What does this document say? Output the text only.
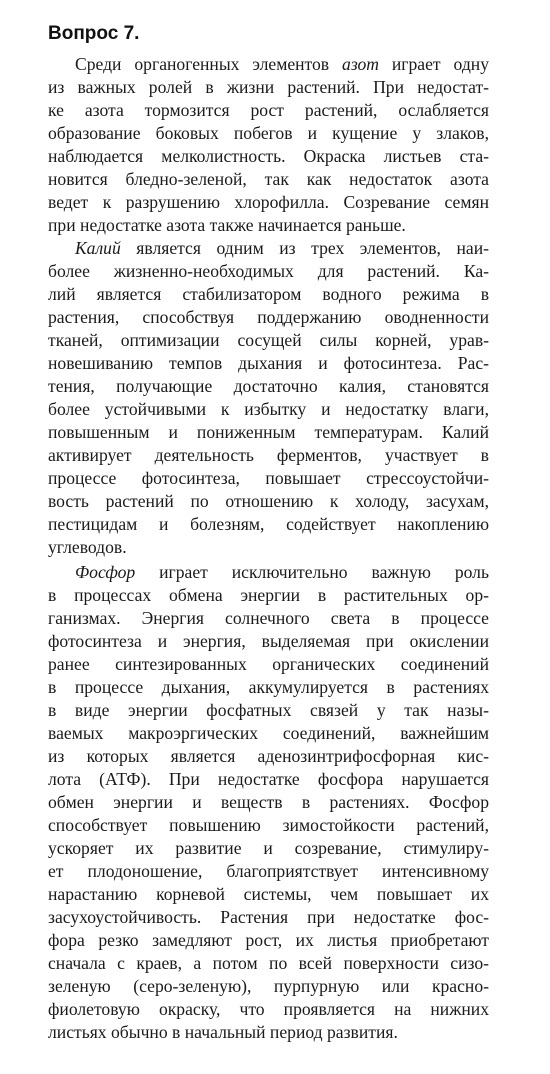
Вопрос 7.
Среди органогенных элементов азот играет одну
из важных ролей в жизни растений. При недостат-
ке азота тормозится рост растений, ослабляется
образование боковых побегов и кущение у злаков,
наблюдается мелколистность. Окраска листьев ста-
новится бледно-зеленой, так как недостаток азота
ведет к разрушению хлорофилла. Созревание семян
при недостатке азота также начинается раньше.
Калий является одним из трех элементов, наи-
более жизненно-необходимых для растений. Ка-
лий является стабилизатором водного режима в
растения, способствуя поддержанию оводненности
тканей, оптимизации сосущей силы корней, урав-
новешиванию темпов дыхания и фотосинтеза. Рас-
тения, получающие достаточно калия, становятся
более устойчивыми к избытку и недостатку влаги,
повышенным и пониженным температурам. Калий
активирует деятельность ферментов, участвует в
процессе фотосинтеза, повышает стрессоустойчи-
вость растений по отношению к холоду, засухам,
пестицидам и болезням, содействует накоплению
углеводов.
Фосфор играет исключительно важную роль
в процессах обмена энергии в растительных ор-
ганизмах. Энергия солнечного света в процессе
фотосинтеза и энергия, выделяемая при окислении
ранее синтезированных органических соединений
в процессе дыхания, аккумулируется в растениях
в виде энергии фосфатных связей у так назы-
ваемых макроэргических соединений, важнейшим
из которых является аденозинтрифосфорная кис-
лота (АТФ). При недостатке фосфора нарушается
обмен энергии и веществ в растениях. Фосфор
способствует повышению зимостойкости растений,
ускоряет их развитие и созревание, стимулиру-
ет плодоношение, благоприятствует интенсивному
нарастанию корневой системы, чем повышает их
засухоустойчивость. Растения при недостатке фос-
фора резко замедляют рост, их листья приобретают
сначала с краев, а потом по всей поверхности сизо-
зеленую (серо-зеленую), пурпурную или красно-
фиолетовую окраску, что проявляется на нижних
листьях обычно в начальный период развития.
